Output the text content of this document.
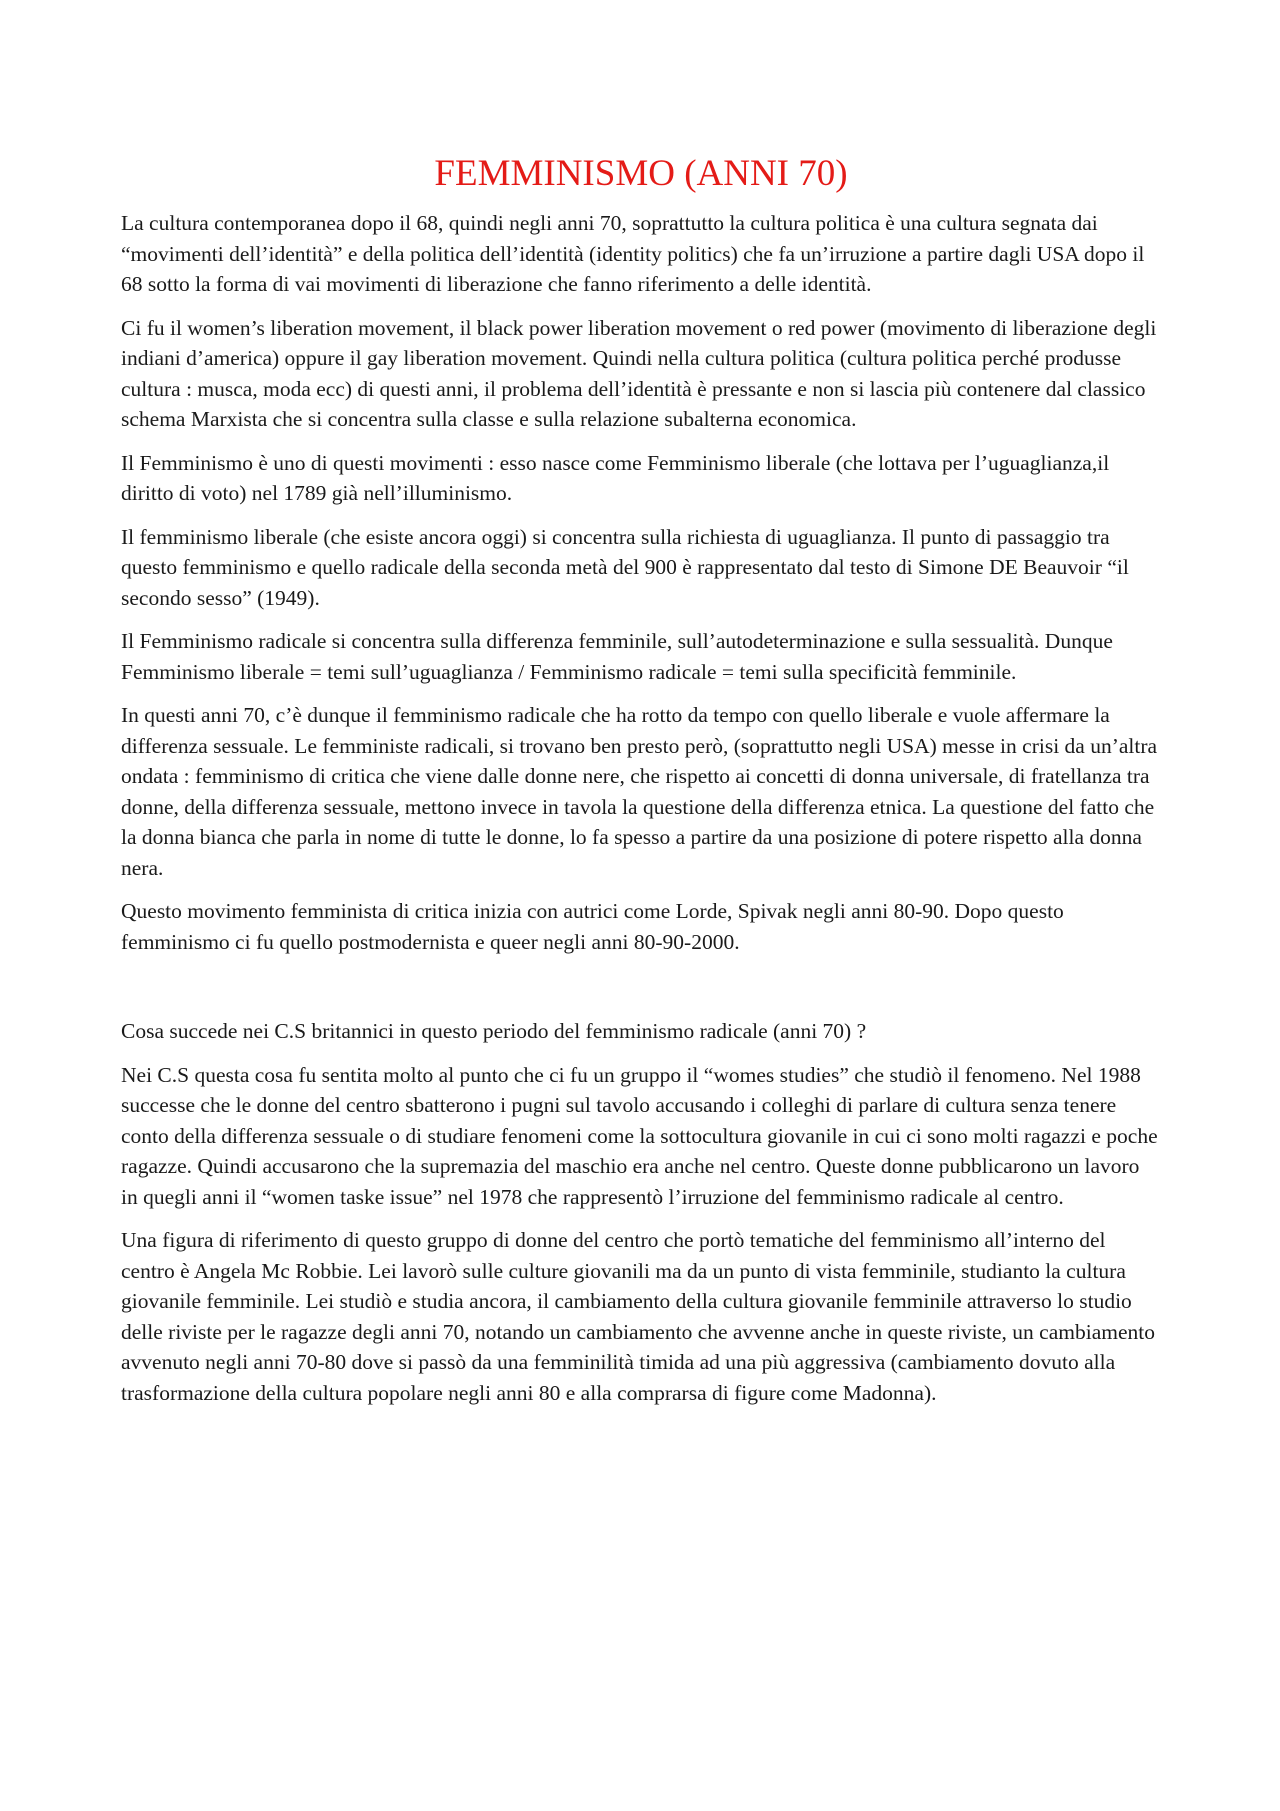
FEMMINISMO (ANNI 70)

La cultura contemporanea dopo il 68, quindi negli anni 70, soprattutto la cultura politica è una cultura segnata dai “movimenti dell’identità” e della politica dell’identità (identity politics) che fa un’irruzione a partire dagli USA dopo il 68 sotto la forma di vai movimenti di liberazione che fanno riferimento a delle identità.

Ci fu il women’s liberation movement, il black power liberation movement o red power (movimento di liberazione degli indiani d’america) oppure il gay liberation movement. Quindi nella cultura politica (cultura politica perché produsse cultura : musca, moda ecc) di questi anni, il problema dell’identità è pressante e non si lascia più contenere dal classico schema Marxista che si concentra sulla classe e sulla relazione subalterna economica.

Il Femminismo è uno di questi movimenti : esso nasce come Femminismo liberale (che lottava per l’uguaglianza,il diritto di voto) nel 1789 già nell’illuminismo.

Il femminismo liberale (che esiste ancora oggi) si concentra sulla richiesta di uguaglianza. Il punto di passaggio tra questo femminismo e quello radicale della seconda metà del 900 è rappresentato dal testo di Simone DE Beauvoir “il secondo sesso” (1949).

Il Femminismo radicale si concentra sulla differenza femminile, sull’autodeterminazione e sulla sessualità. Dunque Femminismo liberale = temi sull’uguaglianza / Femminismo radicale = temi sulla specificità femminile.

In questi anni 70, c’è dunque il femminismo radicale che ha rotto da tempo con quello liberale e vuole affermare la differenza sessuale. Le femministe radicali, si trovano ben presto però, (soprattutto negli USA) messe in crisi da un’altra ondata : femminismo di critica che viene dalle donne nere, che rispetto ai concetti di donna universale, di fratellanza tra donne, della differenza sessuale, mettono invece in tavola la questione della differenza etnica. La questione del fatto che la donna bianca che parla in nome di tutte le donne, lo fa spesso a partire da una posizione di potere rispetto alla donna nera.

Questo movimento femminista di critica inizia con autrici come Lorde, Spivak negli anni 80-90. Dopo questo femminismo ci fu quello postmodernista e queer negli anni 80-90-2000.

Cosa succede nei C.S britannici in questo periodo del femminismo radicale (anni 70) ?

Nei C.S questa cosa fu sentita molto al punto che ci fu un gruppo il “womes studies” che studiò il fenomeno. Nel 1988 successe che le donne del centro sbatterono i pugni sul tavolo accusando i colleghi di parlare di cultura senza tenere conto della differenza sessuale o di studiare fenomeni come la sottocultura giovanile in cui ci sono molti ragazzi e poche ragazze. Quindi accusarono che la supremazia del maschio era anche nel centro. Queste donne pubblicarono un lavoro in quegli anni il “women taske issue” nel 1978 che rappresentò l’irruzione del femminismo radicale al centro.

Una figura di riferimento di questo gruppo di donne del centro che portò tematiche del femminismo all’interno del centro è Angela Mc Robbie. Lei lavorò sulle culture giovanili ma da un punto di vista femminile, studianto la cultura giovanile femminile. Lei studiò e studia ancora, il cambiamento della cultura giovanile femminile attraverso lo studio delle riviste per le ragazze degli anni 70, notando un cambiamento che avvenne anche in queste riviste, un cambiamento avvenuto negli anni 70-80 dove si passò da una femminilità timida ad una più aggressiva (cambiamento dovuto alla trasformazione della cultura popolare negli anni 80 e alla comprarsa di figure come Madonna).
